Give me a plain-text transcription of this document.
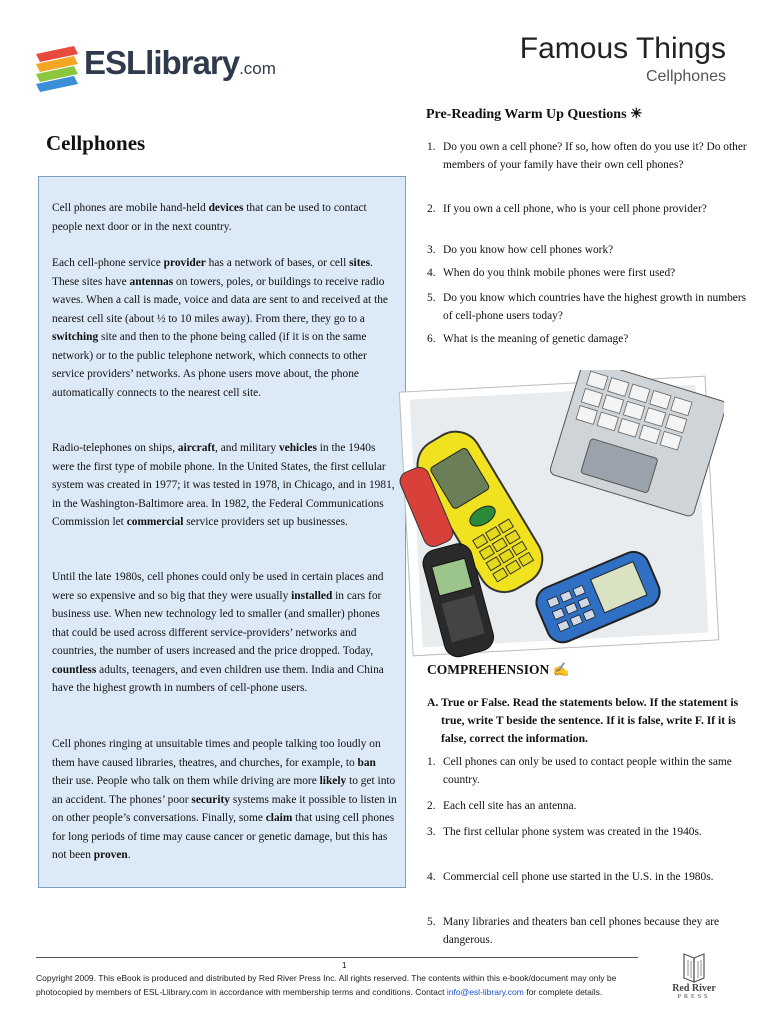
ESLlibrary.com
Famous Things
Cellphones
Cellphones

Cell phones are mobile hand-held devices that can be used to contact people next door or in the next country.

Each cell-phone service provider has a network of bases, or cell sites. These sites have antennas on towers, poles, or buildings to receive radio waves. When a call is made, voice and data are sent to and received at the nearest cell site (about ½ to 10 miles away). From there, they go to a switching site and then to the phone being called (if it is on the same network) or to the public telephone network, which connects to other service providers’ networks. As phone users move about, the phone automatically connects to the nearest cell site.

Radio-telephones on ships, aircraft, and military vehicles in the 1940s were the first type of mobile phone. In the United States, the first cellular system was created in 1977; it was tested in 1978, in Chicago, and in 1981, in the Washington-Baltimore area. In 1982, the Federal Communications Commission let commercial service providers set up businesses.

Until the late 1980s, cell phones could only be used in certain places and were so expensive and so big that they were usually installed in cars for business use. When new technology led to smaller (and smaller) phones that could be used across different service-providers’ networks and countries, the number of users increased and the price dropped. Today, countless adults, teenagers, and even children use them. India and China have the highest growth in numbers of cell-phone users.

Cell phones ringing at unsuitable times and people talking too loudly on them have caused libraries, theatres, and churches, for example, to ban their use. People who talk on them while driving are more likely to get into an accident. The phones’ poor security systems make it possible to listen in on other people’s conversations. Finally, some claim that using cell phones for long periods of time may cause cancer or genetic damage, but this has not been proven.

Pre-Reading Warm Up Questions ☀
1. Do you own a cell phone? If so, how often do you use it? Do other members of your family have their own cell phones?
2. If you own a cell phone, who is your cell phone provider?
3. Do you know how cell phones work?
4. When do you think mobile phones were first used?
5. Do you know which countries have the highest growth in numbers of cell-phone users today?
6. What is the meaning of genetic damage?
COMPREHENSION ✍
A. True or False. Read the statements below. If the statement is true, write T beside the sentence. If it is false, write F. If it is false, correct the information.
1. Cell phones can only be used to contact people within the same country.
2. Each cell site has an antenna.
3. The first cellular phone system was created in the 1940s.
4. Commercial cell phone use started in the U.S. in the 1980s.
5. Many libraries and theaters ban cell phones because they are dangerous.
1
Copyright 2009. This eBook is produced and distributed by Red River Press Inc. All rights reserved. The contents within this e-book/document may only be photocopied by members of ESL-Llibrary.com in accordance with membership terms and conditions. Contact info@esl-library.com for complete details.	Red River
PRESS
